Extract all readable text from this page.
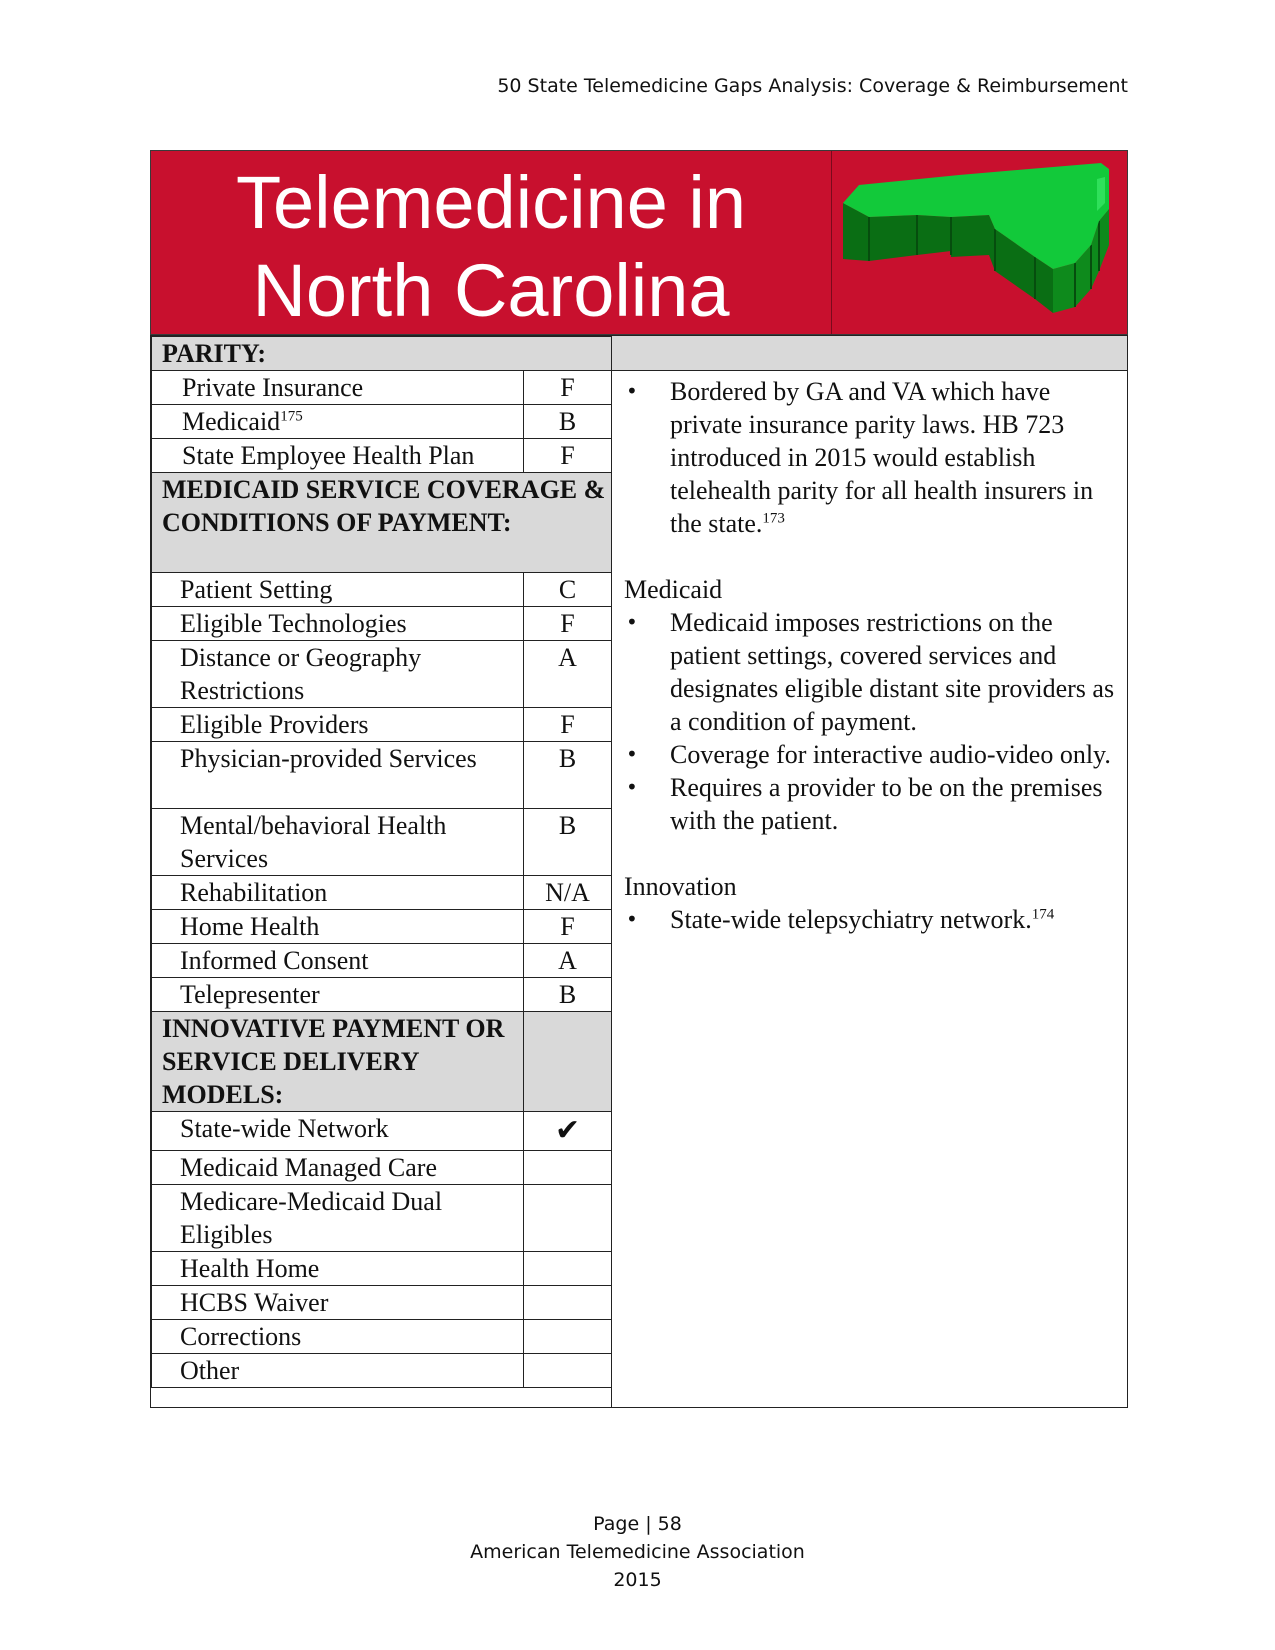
50 State Telemedicine Gaps Analysis: Coverage & Reimbursement
Telemedicine in
North Carolina
PARITY:	
Private Insurance	F
Medicaid$^{175}$	B
State Employee Health Plan	F
MEDICAID SERVICE COVERAGE & CONDITIONS OF PAYMENT:	
Patient Setting	C
Eligible Technologies	F
Distance or Geography Restrictions	A
Eligible Providers	F
Physician-provided Services	B
Mental/behavioral Health Services	B
Rehabilitation	N/A
Home Health	F
Informed Consent	A
Telepresenter	B
INNOVATIVE PAYMENT OR SERVICE DELIVERY MODELS:	
State-wide Network	✔
Medicaid Managed Care	
Medicare-Medicaid Dual Eligibles	
Health Home	
HCBS Waiver	
Corrections	
Other	
• Bordered by GA and VA which have private insurance parity laws. HB 723 introduced in 2015 would establish telehealth parity for all health insurers in the state.$^{173}$
Medicaid
• Medicaid imposes restrictions on the patient settings, covered services and designates eligible distant site providers as a condition of payment.
• Coverage for interactive audio-video only.
• Requires a provider to be on the premises with the patient.
Innovation
• State-wide telepsychiatry network.$^{174}$
Page | 58
American Telemedicine Association
2015
